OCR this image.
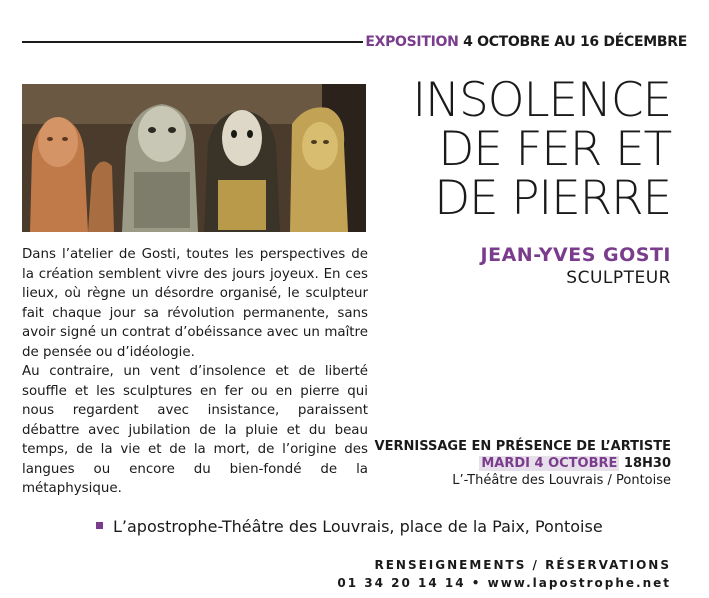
EXPOSITION 4 OCTOBRE AU 16 DÉCEMBRE
INSOLENCE
DE FER ET
DE PIERRE
JEAN-YVES GOSTI
SCULPTEUR

Dans l’atelier de Gosti, toutes les perspectives de la création semblent vivre des jours joyeux. En ces lieux, où règne un désordre organisé, le sculpteur fait chaque jour sa révolution permanente, sans avoir signé un contrat d’obéissance avec un maître de pensée ou d’idéologie.

Au contraire, un vent d’insolence et de liberté souffle et les sculptures en fer ou en pierre qui nous regardent avec insistance, paraissent débattre avec jubilation de la pluie et du beau temps, de la vie et de la mort, de l’origine des langues ou encore du bien-fondé de la métaphysique.

VERNISSAGE EN PRÉSENCE DE L’ARTISTE
MARDI 4 OCTOBRE 18H30
L’-Théâtre des Louvrais / Pontoise
L’apostrophe-Théâtre des Louvrais, place de la Paix, Pontoise
RENSEIGNEMENTS / RÉSERVATIONS
01 34 20 14 14 • www.lapostrophe.net
